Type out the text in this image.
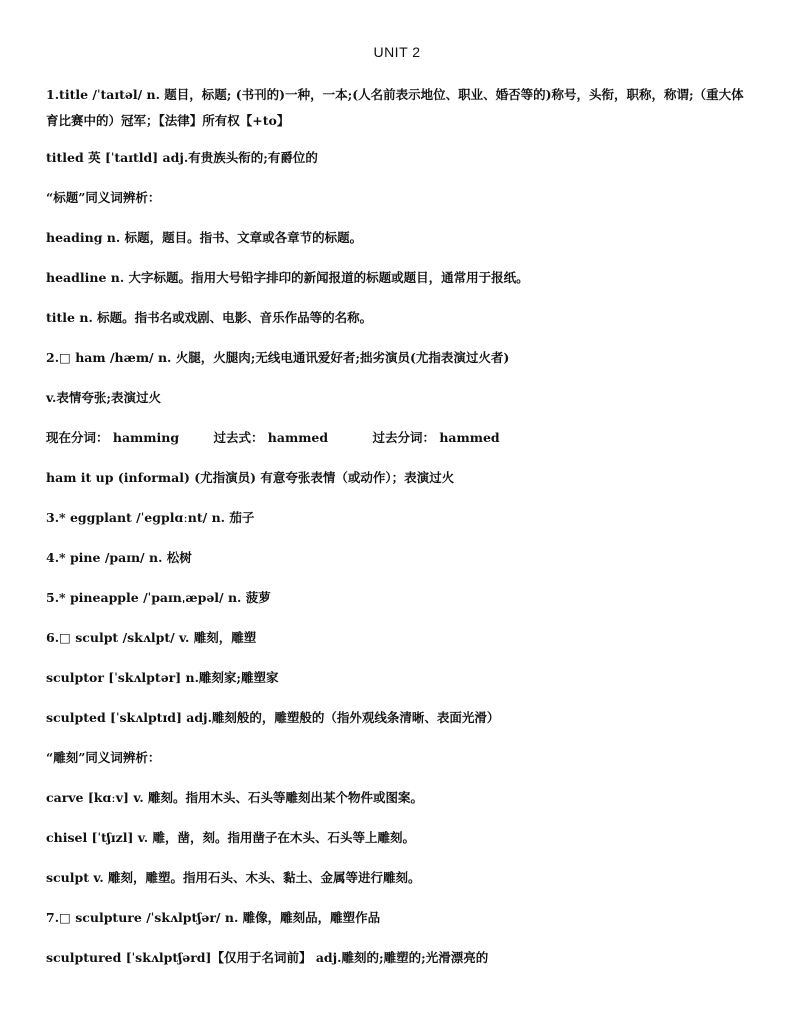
UNIT 2
1.title /ˈtaɪtəl/ n. 题目，标题; (书刊的)一种，一本;(人名前表示地位、职业、婚否等的)称号，头衔，职称，称谓;（重大体育比赛中的）冠军；【法律】所有权【+to】
titled 英 [ˈtaɪtld] adj.有贵族头衔的;有爵位的
“标题”同义词辨析：
heading n. 标题，题目。指书、文章或各章节的标题。
headline n. 大字标题。指用大号铅字排印的新闻报道的标题或题目，通常用于报纸。
title n. 标题。指书名或戏剧、电影、音乐作品等的名称。
2.□ ham /hæm/ n. 火腿，火腿肉;无线电通讯爱好者;拙劣演员(尤指表演过火者)
v.表情夸张;表演过火
现在分词： hamming	过去式： hammed	过去分词： hammed
ham it up (informal) (尤指演员) 有意夸张表情（或动作）；表演过火
3.* eggplant /ˈeɡplɑːnt/ n. 茄子
4.* pine /paɪn/ n. 松树
5.* pineapple /ˈpaɪnˌæpəl/ n. 菠萝
6.□ sculpt /skʌlpt/ v. 雕刻，雕塑
sculptor [ˈskʌlptər] n.雕刻家;雕塑家
sculpted [ˈskʌlptɪd] adj.雕刻般的，雕塑般的（指外观线条清晰、表面光滑）
“雕刻”同义词辨析：
carve [kɑːv] v. 雕刻。指用木头、石头等雕刻出某个物件或图案。
chisel [ˈtʃɪzl] v. 雕，凿，刻。指用凿子在木头、石头等上雕刻。
sculpt v. 雕刻，雕塑。指用石头、木头、黏土、金属等进行雕刻。
7.□ sculpture /ˈskʌlptʃər/ n. 雕像，雕刻品，雕塑作品
sculptured [ˈskʌlptʃərd]【仅用于名词前】 adj.雕刻的;雕塑的;光滑漂亮的
